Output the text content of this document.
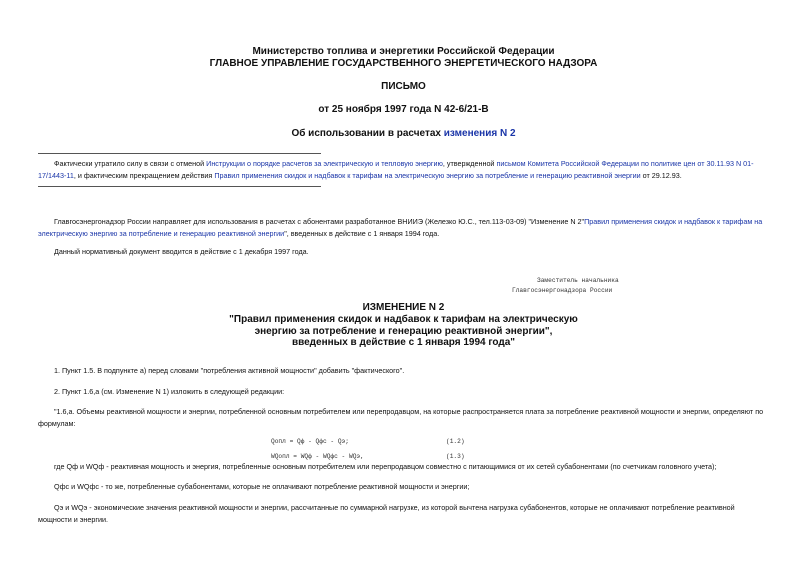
Министерство топлива и энергетики Российской Федерации
ГЛАВНОЕ УПРАВЛЕНИЕ ГОСУДАРСТВЕННОГО ЭНЕРГЕТИЧЕСКОГО НАДЗОРА
ПИСЬМО
от 25 ноября 1997 года N 42-6/21-В
Об использовании в расчетах изменения N 2
Фактически утратило силу в связи с отменой Инструкции о порядке расчетов за электрическую и тепловую энергию, утвержденной письмом Комитета Российской Федерации по политике цен от 30.11.93 N 01-17/1443-11, и фактическим прекращением действия Правил применения скидок и надбавок к тарифам на электрическую энергию за потребление и генерацию реактивной энергии от 29.12.93.
Главгосэнергонадзор России направляет для использования в расчетах с абонентами разработанное ВНИИЭ (Железко Ю.С., тел.113-03-09) "Изменение N 2"Правил применения скидок и надбавок к тарифам на электрическую энергию за потребление и генерацию реактивной энергии", введенных в действие с 1 января 1994 года.
Данный нормативный документ вводится в действие с 1 декабря 1997 года.
Заместитель начальника
Главгосэнергонадзора России
ИЗМЕНЕНИЕ N 2
"Правил применения скидок и надбавок к тарифам на электрическую
энергию за потребление и генерацию реактивной энергии",
введенных в действие с 1 января 1994 года"
1. Пункт 1.5. В подпункте а) перед словами "потребления активной мощности" добавить "фактического".
2. Пункт 1.6,а (см. Изменение N 1) изложить в следующей редакции:
"1.6,а. Объемы реактивной мощности и энергии, потребленной основным потребителем или перепродавцом, на которые распространяется плата за потребление реактивной мощности и энергии, определяют по формулам:
Qопл = Qф - Qфс - Qэ;	(1.2)
WQопл = WQф - WQфс - WQэ,	(1.3)
где Qф и WQф - реактивная мощность и энергия, потребленные основным потребителем или перепродавцом совместно с питающимися от их сетей субабонентами (по счетчикам головного учета);
Qфс и WQфс - то же, потребленные субабонентами, которые не оплачивают потребление реактивной мощности и энергии;
Qэ и WQэ - экономические значения реактивной мощности и энергии, рассчитанные по суммарной нагрузке, из которой вычтена нагрузка субабонентов, которые не оплачивают потребление реактивной мощности и энергии.
